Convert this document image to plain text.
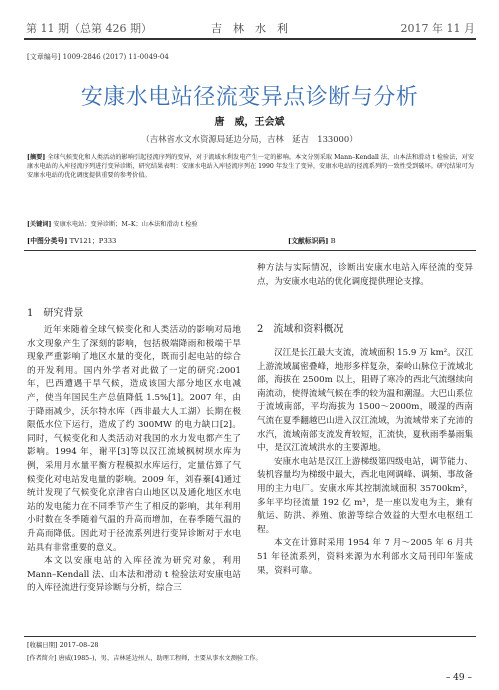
第 11 期（总第 426 期）	吉　林　水　利	2017 年 11 月
[文章编号] 1009-2846 (2017) 11-0049-04
安康水电站径流变异点诊断与分析
唐　威，王会斌
（吉林省水文水资源局延边分局，吉林　延吉　133000）
[摘要] 全球气候变化和人类活动的影响引起径流序列的变异，对于流域水利发电产生一定的影响。本文分别采取 Mann–Kendall 法、山本法和滑动 t 检验法，对安康水电站的入库径流序列进行变异诊断，研究结果表明：安康水电站入库径流序列在 1990 年发生了变异，安康水电站的径流系列的一致性受到破坏。研究结果可为安康水电站的优化调度提供重要的参考价值。
[关键词] 安康水电站；变异诊断；M–K；山本法和滑动 t 检验
[中图分类号] TV121；P333	[文献标识码] B
1　研究背景

近年来随着全球气候变化和人类活动的影响对局地水文现象产生了深刻的影响，包括极端降雨和极端干旱现象严重影响了地区水量的变化，既而引起电站的综合的开发利用。国内外学者对此做了一定的研究:2001 年，巴西遭遇干旱气候，造成该国大部分地区水电减产，使当年国民生产总值降低 1.5%[1]。2007 年，由于降雨减少，沃尔特水库（西非最大人工湖）长期在极限低水位下运行，造成了约 300MW 的电力缺口[2]。同时，气候变化和人类活动对我国的水力发电都产生了影响。1994 年，谢平[3]等以汉江流域枫树坝水库为例，采用月水量平衡方程模拟水库运行，定量估算了气候变化对电站发电量的影响。2009 年，刘春蓁[4]通过统计发现了气候变化京津省白山地区以及通化地区水电站的发电能力在不同季节产生了相反的影响，其年利用小时数在冬季随着气温的升高而增加，在春季随气温的升高而降低。因此对于径流系列进行变异诊断对于水电站具有非常重要的意义。

本文以安康电站的入库径流为研究对象，利用 Mann–Kendall 法、山本法和滑动 t 检验法对安康电站的入库径流进行变异诊断与分析，综合三

种方法与实际情况，诊断出安康水电站入库径流的变异点，为安康水电站的优化调度提供理论支撑。
2　流域和资料概况

汉江是长江最大支流，流域面积 15.9 万 km²。汉江上游流域属密叠峰，地形多样复杂，秦岭山脉位于流域北部，海拔在 2500m 以上，阻碍了寒冷的西北气流继续向南流动，使得流域气候在季的较为温和潮湿。大巴山系位于流域南部，平均海拔为 1500～2000m，暖湿的西南气流在夏季翻越巴山进入汉江流域，为流域带来了充沛的水汽，流域南部支流发育较短，汇流快，夏秋雨季暴雨集中，是汉江流域洪水的主要源地。

安康水电站是汉江上游梯级第四级电站，调节能力、装机容量均为梯级中最大，西北电网调峰、调频、事故备用的主力电厂。安康水库其控制流域面积 35700km²，多年平均径流量 192 亿 m³，是一座以发电为主，兼有航运、防洪、养殖、旅游等综合效益的大型水电枢纽工程。

本文在计算时采用 1954 年 7 月～2005 年 6 月共 51 年径流系列，资料来源为水利部水文局刊印年鉴成果，资料可靠。

[收稿日期] 2017–08–28
[作者简介] 唐威(1985–)，男，吉林延边州人，助理工程师，主要从事水文测验工作。
– 49 –
